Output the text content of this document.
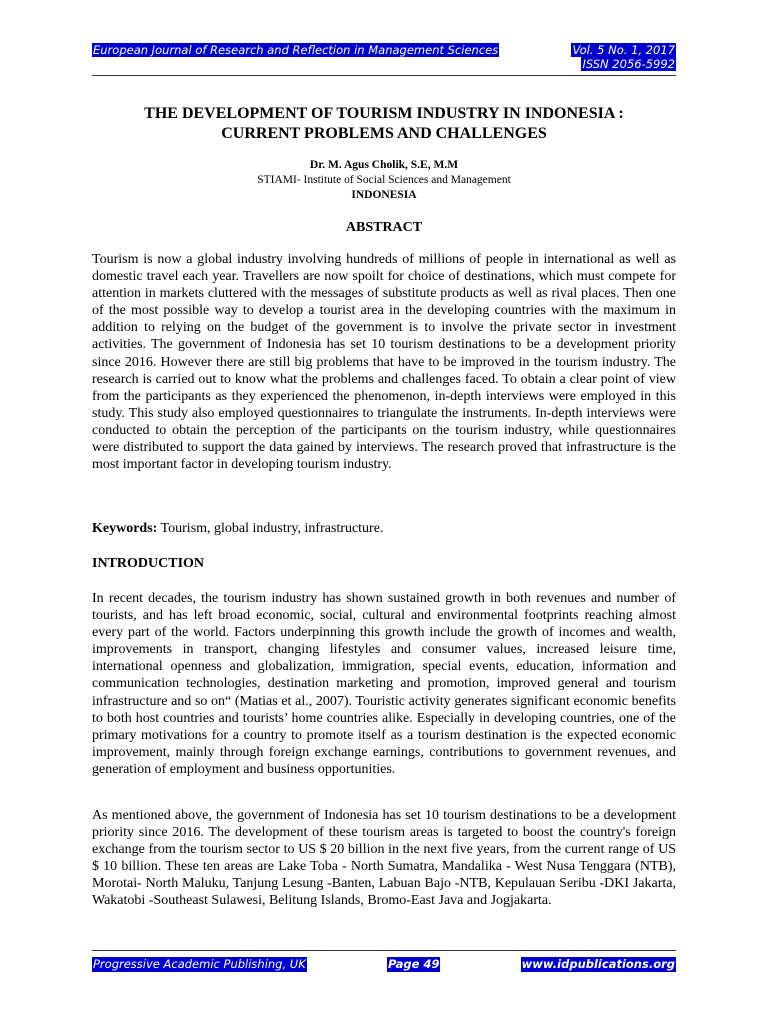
European Journal of Research and Reflection in Management Sciences	Vol. 5 No. 1, 2017
ISSN 2056-5992
THE DEVELOPMENT OF TOURISM INDUSTRY IN INDONESIA :
CURRENT PROBLEMS AND CHALLENGES
Dr. M. Agus Cholik, S.E, M.M
STIAMI- Institute of Social Sciences and Management
INDONESIA
ABSTRACT

Tourism is now a global industry involving hundreds of millions of people in international as well as domestic travel each year. Travellers are now spoilt for choice of destinations, which must compete for attention in markets cluttered with the messages of substitute products as well as rival places. Then one of the most possible way to develop a tourist area in the developing countries with the maximum in addition to relying on the budget of the government is to involve the private sector in investment activities. The government of Indonesia has set 10 tourism destinations to be a development priority since 2016. However there are still big problems that have to be improved in the tourism industry. The research is carried out to know what the problems and challenges faced. To obtain a clear point of view from the participants as they experienced the phenomenon, in-depth interviews were employed in this study. This study also employed questionnaires to triangulate the instruments. In-depth interviews were conducted to obtain the perception of the participants on the tourism industry, while questionnaires were distributed to support the data gained by interviews. The research proved that infrastructure is the most important factor in developing tourism industry.

Keywords: Tourism, global industry, infrastructure.

INTRODUCTION

In recent decades, the tourism industry has shown sustained growth in both revenues and number of tourists, and has left broad economic, social, cultural and environmental footprints reaching almost every part of the world. Factors underpinning this growth include the growth of incomes and wealth, improvements in transport, changing lifestyles and consumer values, increased leisure time, international openness and globalization, immigration, special events, education, information and communication technologies, destination marketing and promotion, improved general and tourism infrastructure and so on“ (Matias et al., 2007). Touristic activity generates significant economic benefits to both host countries and tourists’ home countries alike. Especially in developing countries, one of the primary motivations for a country to promote itself as a tourism destination is the expected economic improvement, mainly through foreign exchange earnings, contributions to government revenues, and generation of employment and business opportunities.

As mentioned above, the government of Indonesia has set 10 tourism destinations to be a development priority since 2016. The development of these tourism areas is targeted to boost the country's foreign exchange from the tourism sector to US $ 20 billion in the next five years, from the current range of US $ 10 billion. These ten areas are Lake Toba - North Sumatra, Mandalika - West Nusa Tenggara (NTB), Morotai- North Maluku, Tanjung Lesung -Banten, Labuan Bajo -NTB, Kepulauan Seribu -DKI Jakarta, Wakatobi -Southeast Sulawesi, Belitung Islands, Bromo-East Java and Jogjakarta.

Progressive Academic Publishing, UK	Page 49	www.idpublications.org
